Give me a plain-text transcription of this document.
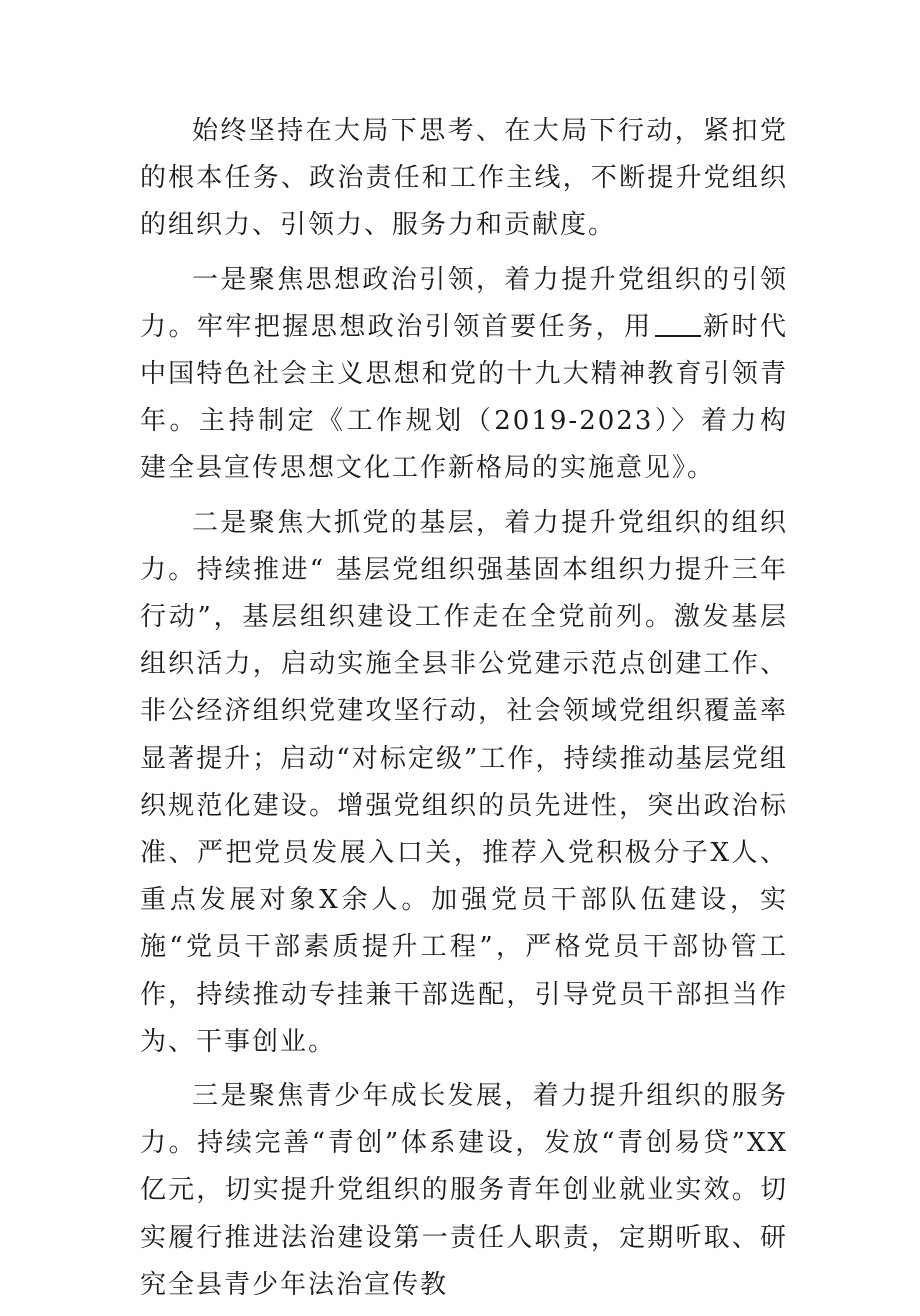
始终坚持在大局下思考、在大局下行动，紧扣党的根本任务、政治责任和工作主线，不断提升党组织的组织力、引领力、服务力和贡献度。

一是聚焦思想政治引领，着力提升党组织的引领力。牢牢把握思想政治引领首要任务，用 新时代中国特色社会主义思想和党的十九大精神教育引领青年。主持制定《工作规划（2019-2023）〉着力构建全县宣传思想文化工作新格局的实施意见》。

二是聚焦大抓党的基层，着力提升党组织的组织力。持续推进“ 基层党组织强基固本组织力提升三年行动”，基层组织建设工作走在全党前列。激发基层组织活力，启动实施全县非公党建示范点创建工作、非公经济组织党建攻坚行动，社会领域党组织覆盖率显著提升；启动“对标定级”工作，持续推动基层党组织规范化建设。增强党组织的员先进性，突出政治标准、严把党员发展入口关，推荐入党积极分子X人、重点发展对象X余人。加强党员干部队伍建设，实施“党员干部素质提升工程”，严格党员干部协管工作，持续推动专挂兼干部选配，引导党员干部担当作为、干事创业。

三是聚焦青少年成长发展，着力提升组织的服务力。持续完善“青创”体系建设，发放“青创易贷”XX亿元，切实提升党组织的服务青年创业就业实效。切实履行推进法治建设第一责任人职责，定期听取、研究全县青少年法治宣传教
